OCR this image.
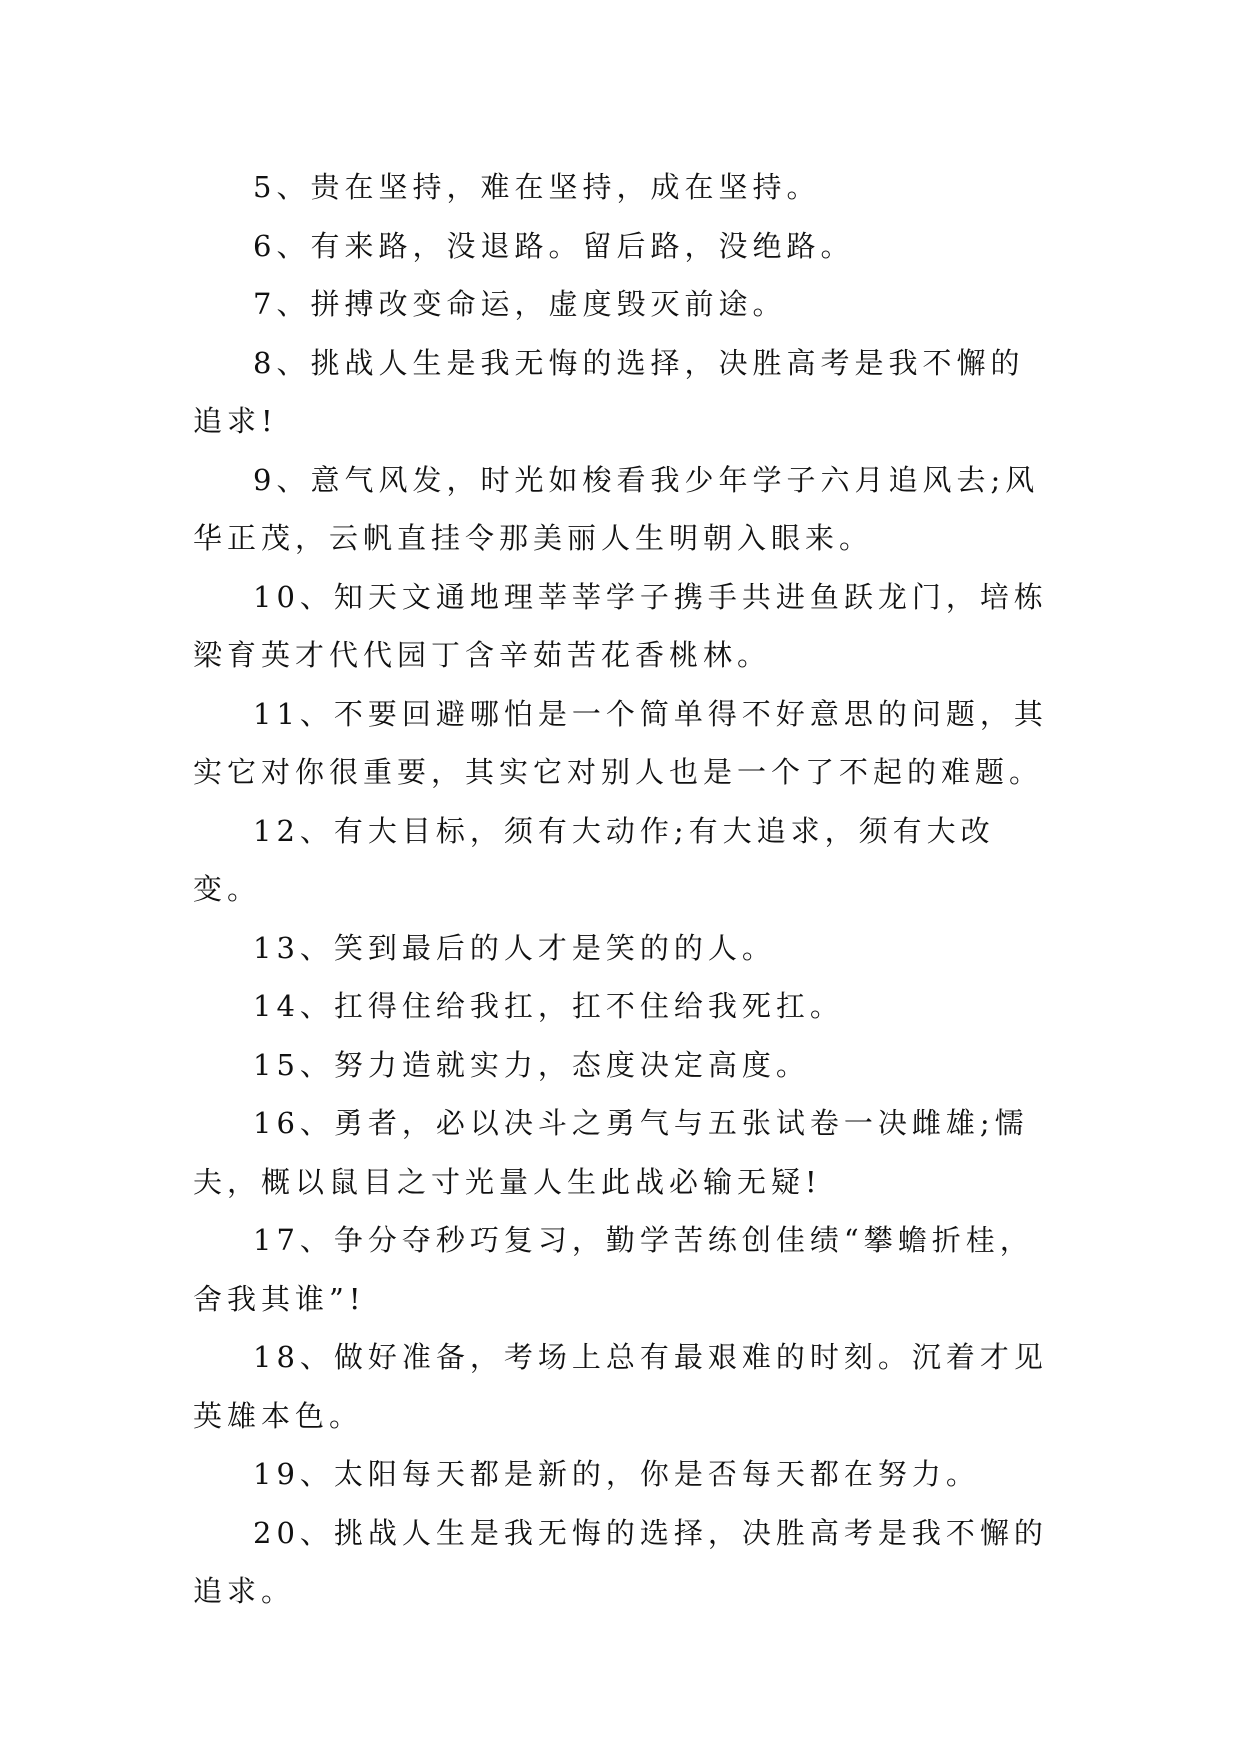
5、贵在坚持，难在坚持，成在坚持。

6、有来路，没退路。留后路，没绝路。

7、拼搏改变命运，虚度毁灭前途。

8、挑战人生是我无悔的选择，决胜高考是我不懈的追求!

9、意气风发，时光如梭看我少年学子六月追风去;风华正茂，云帆直挂令那美丽人生明朝入眼来。

10、知天文通地理莘莘学子携手共进鱼跃龙门，培栋梁育英才代代园丁含辛茹苦花香桃林。

11、不要回避哪怕是一个简单得不好意思的问题，其实它对你很重要，其实它对别人也是一个了不起的难题。

12、有大目标，须有大动作;有大追求，须有大改变。

13、笑到最后的人才是笑的的人。

14、扛得住给我扛，扛不住给我死扛。

15、努力造就实力，态度决定高度。

16、勇者，必以决斗之勇气与五张试卷一决雌雄;懦夫，概以鼠目之寸光量人生此战必输无疑!

17、争分夺秒巧复习，勤学苦练创佳绩“攀蟾折桂，舍我其谁”!

18、做好准备，考场上总有最艰难的时刻。沉着才见英雄本色。

19、太阳每天都是新的，你是否每天都在努力。

20、挑战人生是我无悔的选择，决胜高考是我不懈的追求。
